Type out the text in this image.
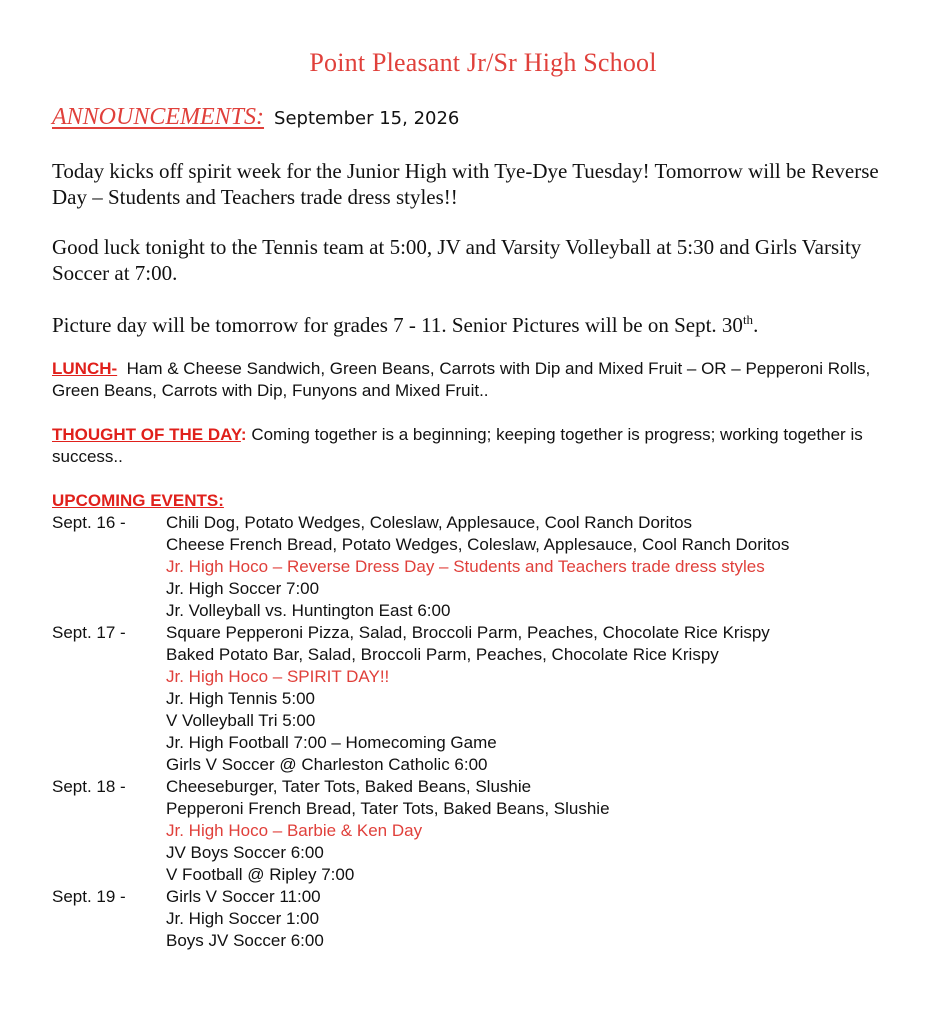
Point Pleasant Jr/Sr High School
ANNOUNCEMENTS: September 15, 2026
Today kicks off spirit week for the Junior High with Tye-Dye Tuesday! Tomorrow will be Reverse Day – Students and Teachers trade dress styles!!
Good luck tonight to the Tennis team at 5:00, JV and Varsity Volleyball at 5:30 and Girls Varsity Soccer at 7:00.
Picture day will be tomorrow for grades 7 - 11. Senior Pictures will be on Sept. 30th.
LUNCH- Ham & Cheese Sandwich, Green Beans, Carrots with Dip and Mixed Fruit – OR – Pepperoni Rolls, Green Beans, Carrots with Dip, Funyons and Mixed Fruit..
THOUGHT OF THE DAY: Coming together is a beginning; keeping together is progress; working together is success..
UPCOMING EVENTS:
Sept. 16 -	Chili Dog, Potato Wedges, Coleslaw, Applesauce, Cool Ranch Doritos
Cheese French Bread, Potato Wedges, Coleslaw, Applesauce, Cool Ranch Doritos
Jr. High Hoco – Reverse Dress Day – Students and Teachers trade dress styles
Jr. High Soccer 7:00
Jr. Volleyball vs. Huntington East 6:00
Sept. 17 -	Square Pepperoni Pizza, Salad, Broccoli Parm, Peaches, Chocolate Rice Krispy
Baked Potato Bar, Salad, Broccoli Parm, Peaches, Chocolate Rice Krispy
Jr. High Hoco – SPIRIT DAY!!
Jr. High Tennis 5:00
V Volleyball Tri 5:00
Jr. High Football 7:00 – Homecoming Game
Girls V Soccer @ Charleston Catholic 6:00
Sept. 18 -	Cheeseburger, Tater Tots, Baked Beans, Slushie
Pepperoni French Bread, Tater Tots, Baked Beans, Slushie
Jr. High Hoco – Barbie & Ken Day
JV Boys Soccer 6:00
V Football @ Ripley 7:00
Sept. 19 -	Girls V Soccer 11:00
Jr. High Soccer 1:00
Boys JV Soccer 6:00
